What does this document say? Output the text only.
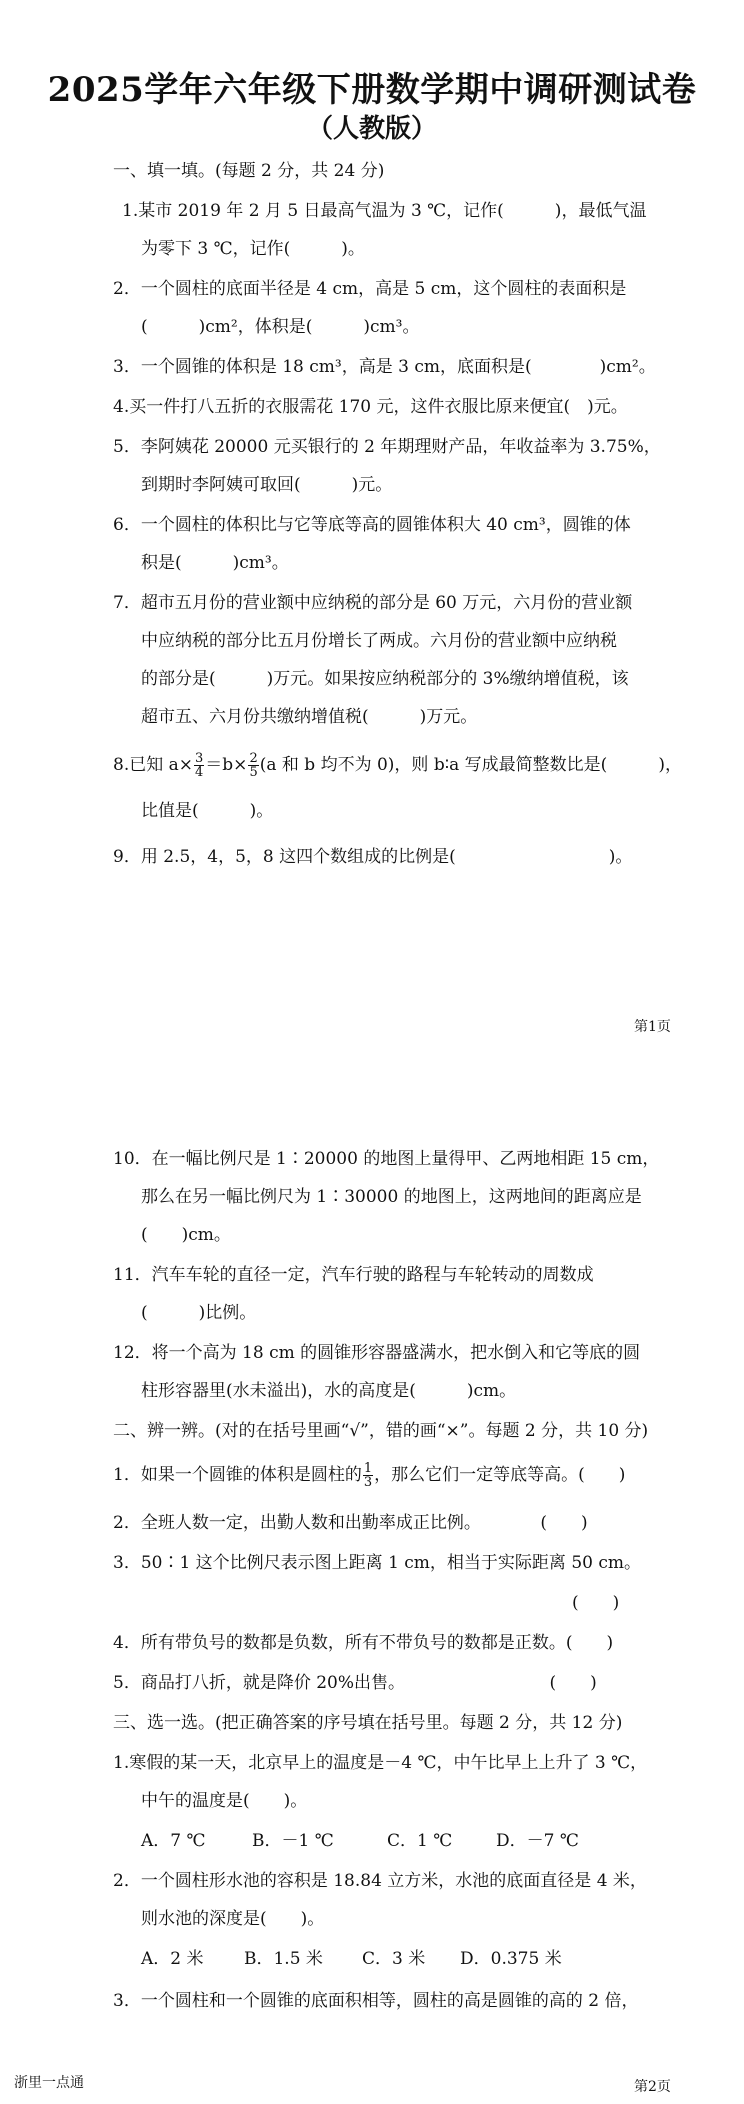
2025学年六年级下册数学期中调研测试卷
（人教版）
一、填一填。(每题 2 分，共 24 分)
1.某市 2019 年 2 月 5 日最高气温为 3 ℃，记作(　　　)，最低气温
为零下 3 ℃，记作(　　　)。
2．一个圆柱的底面半径是 4 cm，高是 5 cm，这个圆柱的表面积是
(　　　)cm²，体积是(　　　)cm³。
3．一个圆锥的体积是 18 cm³，高是 3 cm，底面积是(　　　　)cm²。
4.买一件打八五折的衣服需花 170 元，这件衣服比原来便宜(　)元。
5．李阿姨花 20000 元买银行的 2 年期理财产品，年收益率为 3.75%，
到期时李阿姨可取回(　　　)元。
6．一个圆柱的体积比与它等底等高的圆锥体积大 40 cm³，圆锥的体
积是(　　　)cm³。
7．超市五月份的营业额中应纳税的部分是 60 万元，六月份的营业额
中应纳税的部分比五月份增长了两成。六月份的营业额中应纳税
的部分是(　　　)万元。如果按应纳税部分的 3%缴纳增值税，该
超市五、六月份共缴纳增值税(　　　)万元。
8.已知 $a\times \frac{3}{4} =b\times \frac{2}{5} (a$ 和 b 均不为 0)，则 b∶a 写成最简整数比是(　　　)，
比值是(　　　)。
9．用 2.5，4，5，8 这四个数组成的比例是(　　　　　　　　　)。
第1页
10．在一幅比例尺是 1∶20000 的地图上量得甲、乙两地相距 15 cm，
那么在另一幅比例尺为 1∶30000 的地图上，这两地间的距离应是
(　　)cm。
11．汽车车轮的直径一定，汽车行驶的路程与车轮转动的周数成
(　　　)比例。
12．将一个高为 18 cm 的圆锥形容器盛满水，把水倒入和它等底的圆
柱形容器里(水未溢出)，水的高度是(　　　)cm。
二、辨一辨。(对的在括号里画“√”，错的画“×”。每题 2 分，共 10 分)
1．如果一个圆锥的体积是圆柱的 $\frac{1}{3}$ ，那么它们一定等底等高。(　　)
2．全班人数一定，出勤人数和出勤率成正比例。　　　　(　　)
3．50∶1 这个比例尺表示图上距离 1 cm，相当于实际距离 50 cm。
(　　)
4．所有带负号的数都是负数，所有不带负号的数都是正数。(　　)
5．商品打八折，就是降价 20%出售。　　　　　　　　　(　　)
三、选一选。(把正确答案的序号填在括号里。每题 2 分，共 12 分)
1.寒假的某一天，北京早上的温度是－4 ℃，中午比早上上升了 3 ℃，
中午的温度是(　　)。
A．7 ℃	B．－1 ℃	C．1 ℃	D．－7 ℃
2．一个圆柱形水池的容积是 18.84 立方米，水池的底面直径是 4 米，
则水池的深度是(　　)。
A．2 米 B．1.5 米 C．3 米 D．0.375 米
3．一个圆柱和一个圆锥的底面积相等，圆柱的高是圆锥的高的 2 倍，
浙里一点通	第2页
